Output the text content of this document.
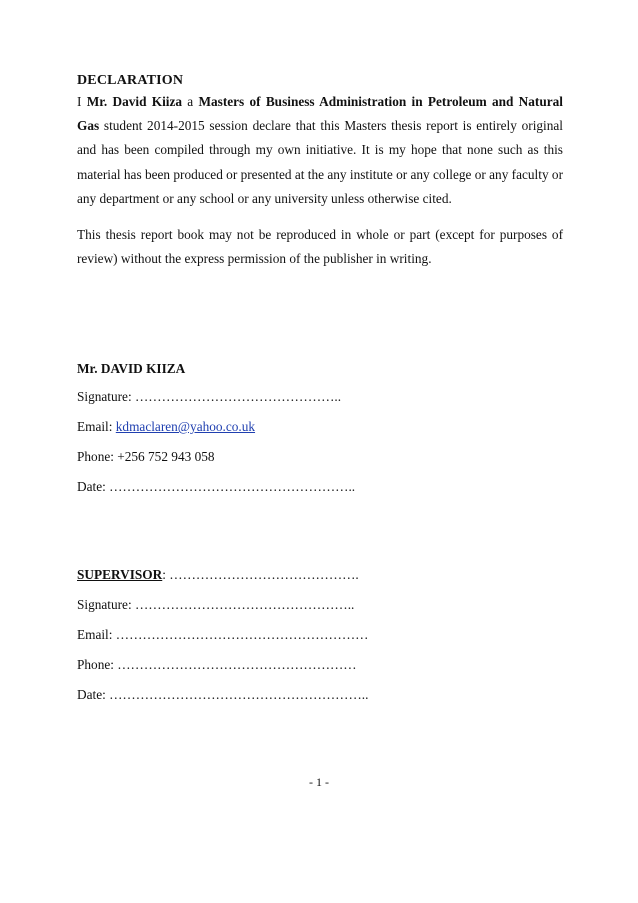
DECLARATION

I Mr. David Kiiza a Masters of Business Administration in Petroleum and Natural Gas student 2014-2015 session declare that this Masters thesis report is entirely original and has been compiled through my own initiative. It is my hope that none such as this material has been produced or presented at the any institute or any college or any faculty or any department or any school or any university unless otherwise cited.

This thesis report book may not be reproduced in whole or part (except for purposes of review) without the express permission of the publisher in writing.

Mr. DAVID KIIZA
Signature: ………………………………………..
Email: kdmaclaren@yahoo.co.uk
Phone: +256 752 943 058
Date: ………………………………………………..
SUPERVISOR: …………………………………….
Signature: …………………………………………..
Email: …………………………………………………
Phone: ………………………………………………
Date: …………………………………………………..
- 1 -
